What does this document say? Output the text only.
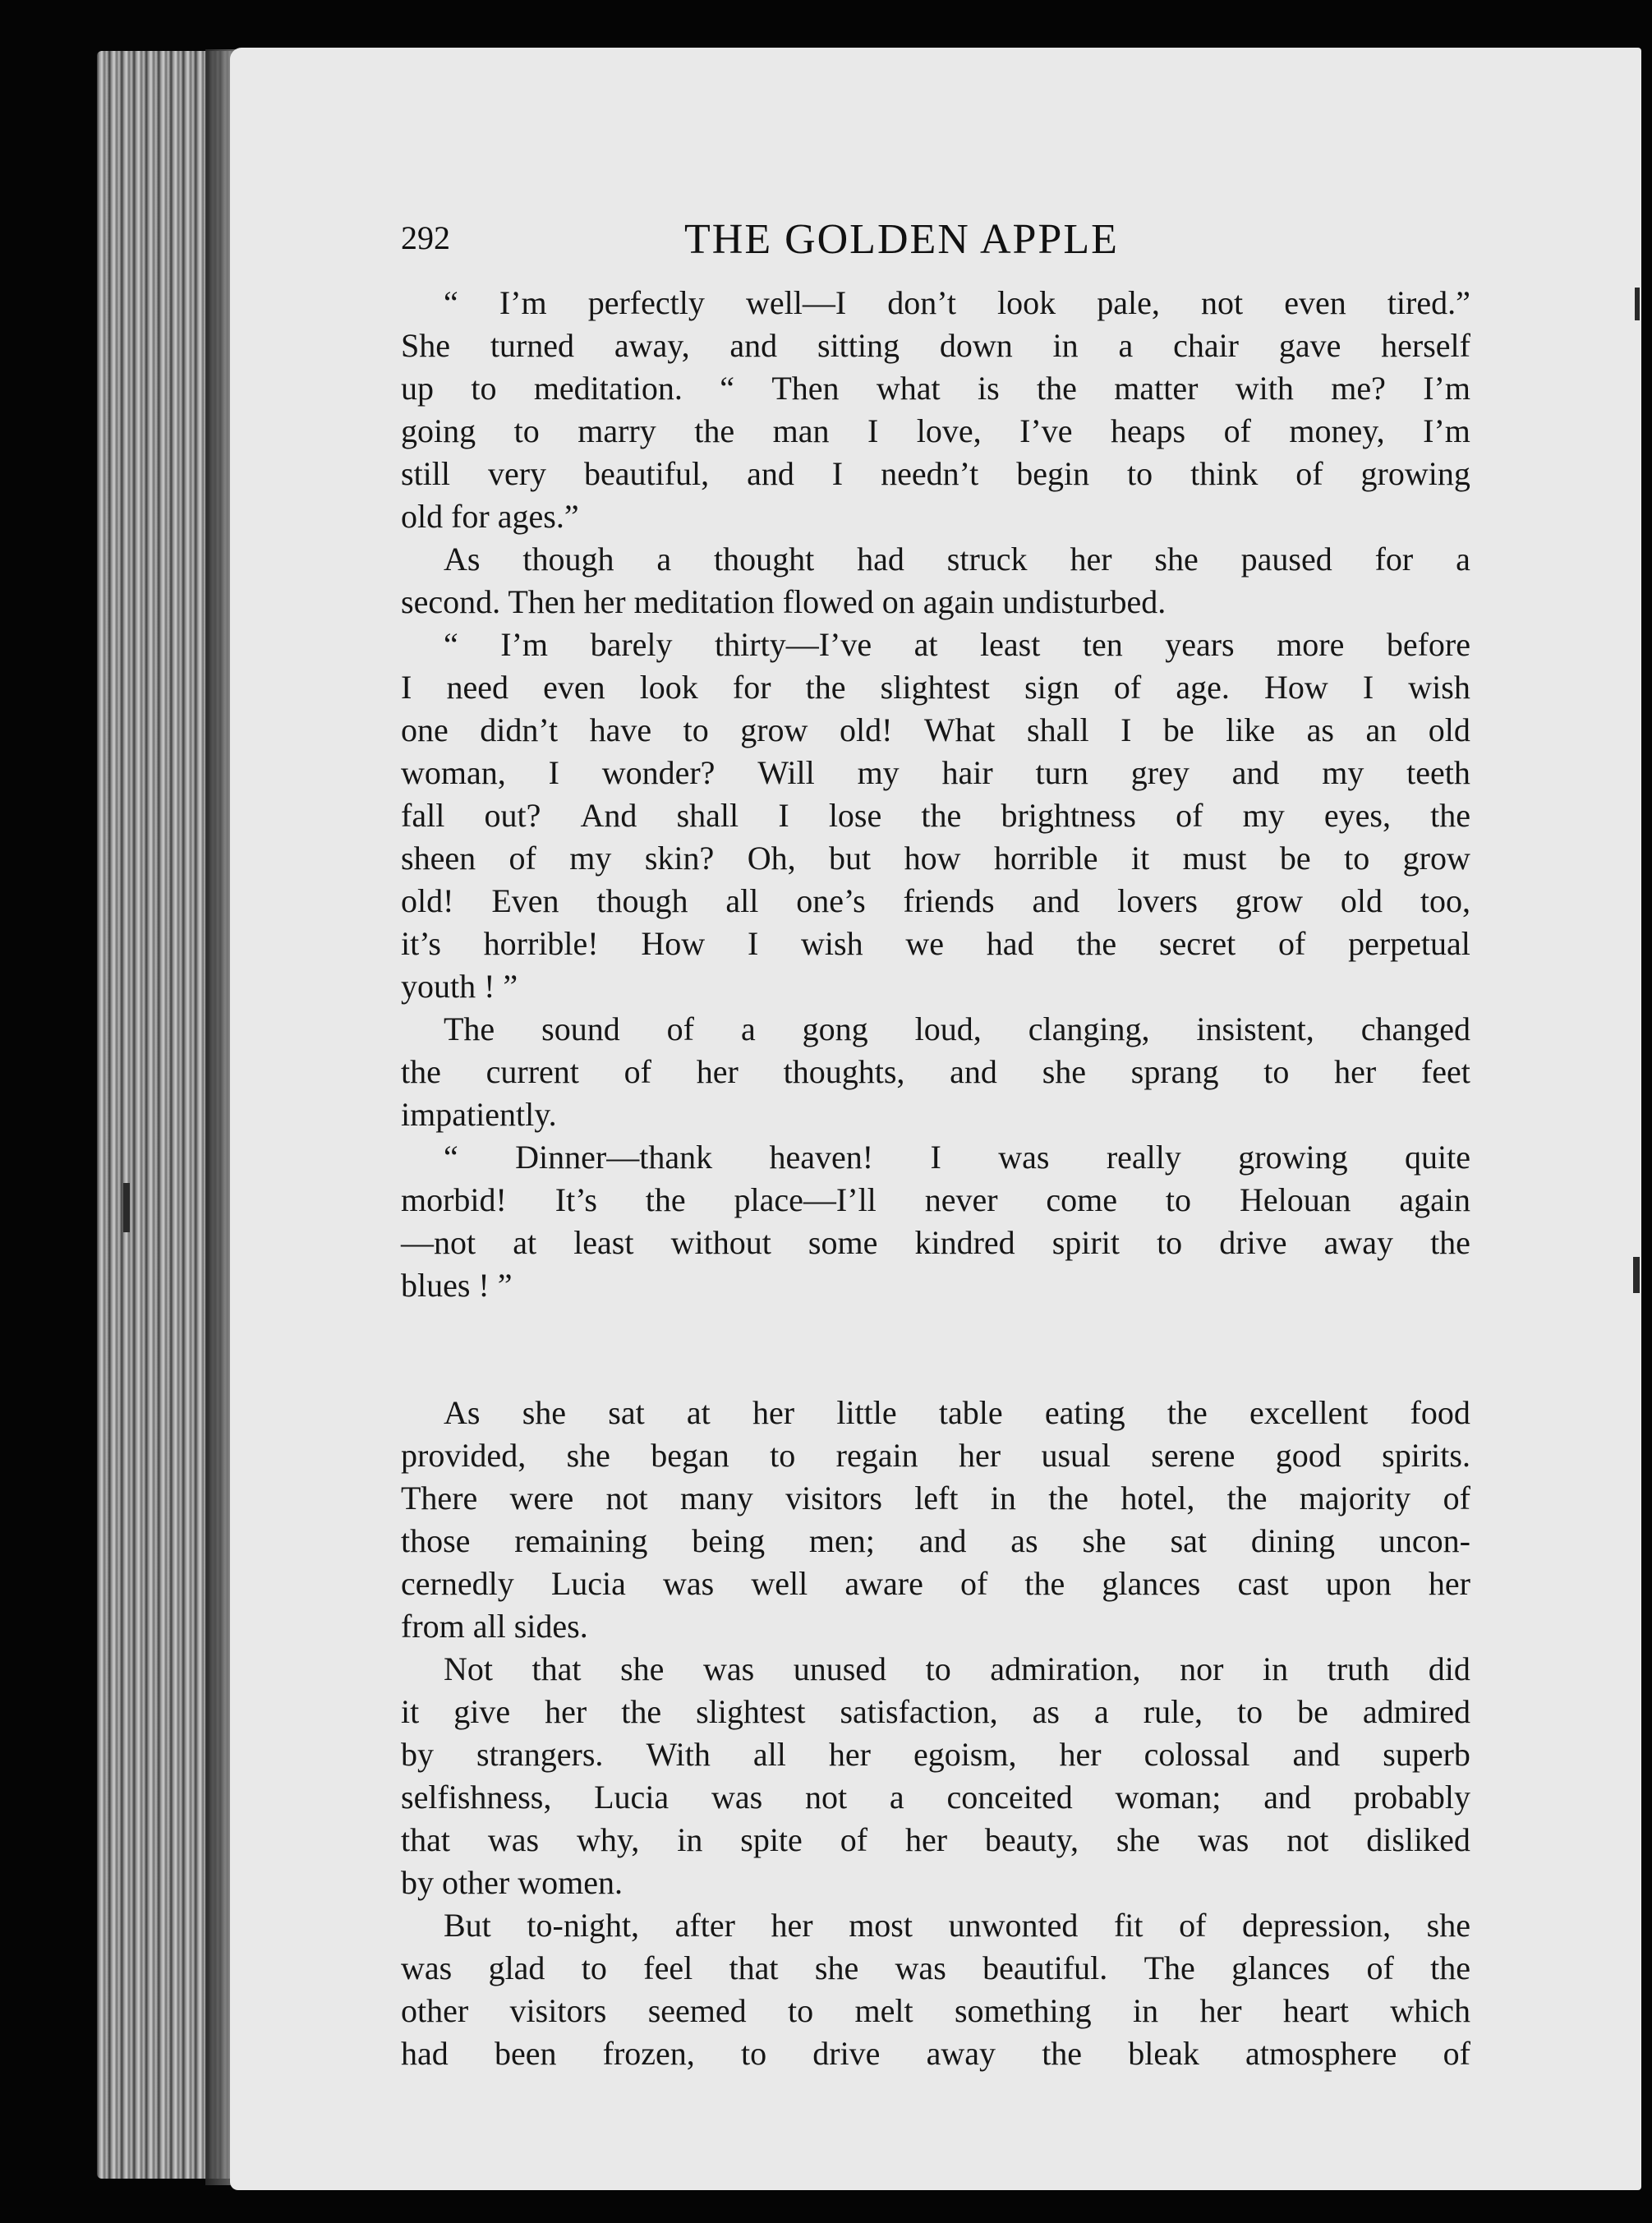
292	THE GOLDEN APPLE
“ I’m perfectly well—I don’t look pale, not even tired.”
She turned away, and sitting down in a chair gave herself
up to meditation. “ Then what is the matter with me? I’m
going to marry the man I love, I’ve heaps of money, I’m
still very beautiful, and I needn’t begin to think of growing
old for ages.”
As though a thought had struck her she paused for a
second. Then her meditation flowed on again undisturbed.
“ I’m barely thirty—I’ve at least ten years more before
I need even look for the slightest sign of age. How I wish
one didn’t have to grow old! What shall I be like as an old
woman, I wonder? Will my hair turn grey and my teeth
fall out? And shall I lose the brightness of my eyes, the
sheen of my skin? Oh, but how horrible it must be to grow
old! Even though all one’s friends and lovers grow old too,
it’s horrible! How I wish we had the secret of perpetual
youth ! ”
The sound of a gong loud, clanging, insistent, changed
the current of her thoughts, and she sprang to her feet
impatiently.
“ Dinner—thank heaven! I was really growing quite
morbid! It’s the place—I’ll never come to Helouan again
—not at least without some kindred spirit to drive away the
blues ! ”
As she sat at her little table eating the excellent food
provided, she began to regain her usual serene good spirits.
There were not many visitors left in the hotel, the majority of
those remaining being men; and as she sat dining uncon-
cernedly Lucia was well aware of the glances cast upon her
from all sides.
Not that she was unused to admiration, nor in truth did
it give her the slightest satisfaction, as a rule, to be admired
by strangers. With all her egoism, her colossal and superb
selfishness, Lucia was not a conceited woman; and probably
that was why, in spite of her beauty, she was not disliked
by other women.
But to-night, after her most unwonted fit of depression, she
was glad to feel that she was beautiful. The glances of the
other visitors seemed to melt something in her heart which
had been frozen, to drive away the bleak atmosphere of
